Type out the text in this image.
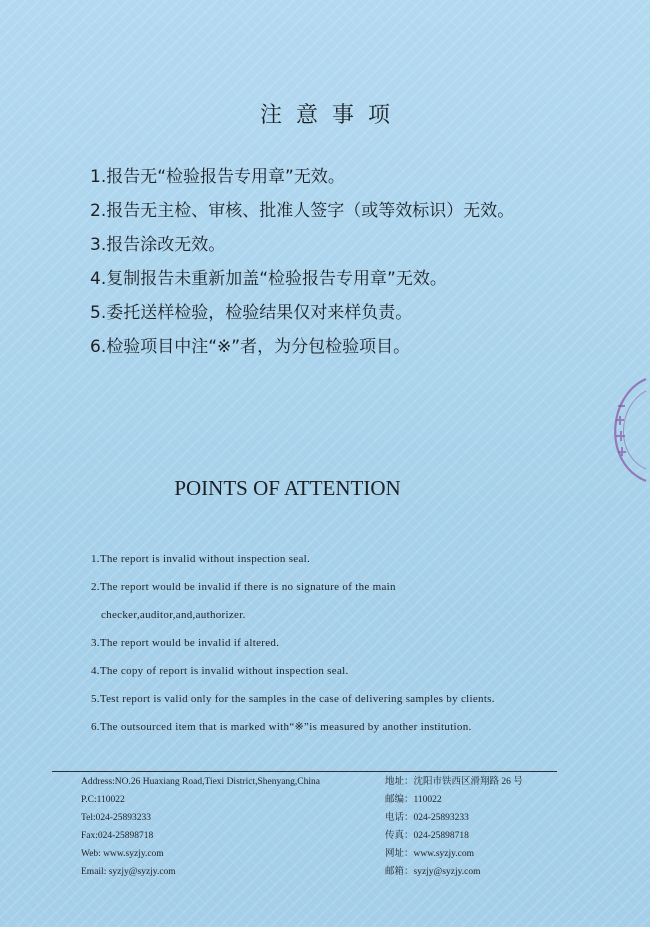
注意事项
1.报告无“检验报告专用章”无效。
2.报告无主检、审核、批准人签字（或等效标识）无效。
3.报告涂改无效。
4.复制报告未重新加盖“检验报告专用章”无效。
5.委托送样检验，检验结果仅对来样负责。
6.检验项目中注“※”者，为分包检验项目。
POINTS OF ATTENTION
1.The report is invalid without inspection seal.
2.The report would be invalid if there is no signature of the main
checker,auditor,and,authorizer.
3.The report would be invalid if altered.
4.The copy of report is invalid without inspection seal.
5.Test report is valid only for the samples in the case of delivering samples by clients.
6.The outsourced item that is marked with“※”is measured by another institution.
Address:NO.26 Huaxiang Road,Tiexi District,Shenyang,China
P.C:110022
Tel:024-25893233
Fax:024-25898718
Web: www.syzjy.com
Email: syzjy@syzjy.com
地址：沈阳市铁西区滑翔路 26 号
邮编：110022
电话：024-25893233
传真：024-25898718
网址：www.syzjy.com
邮箱：syzjy@syzjy.com
